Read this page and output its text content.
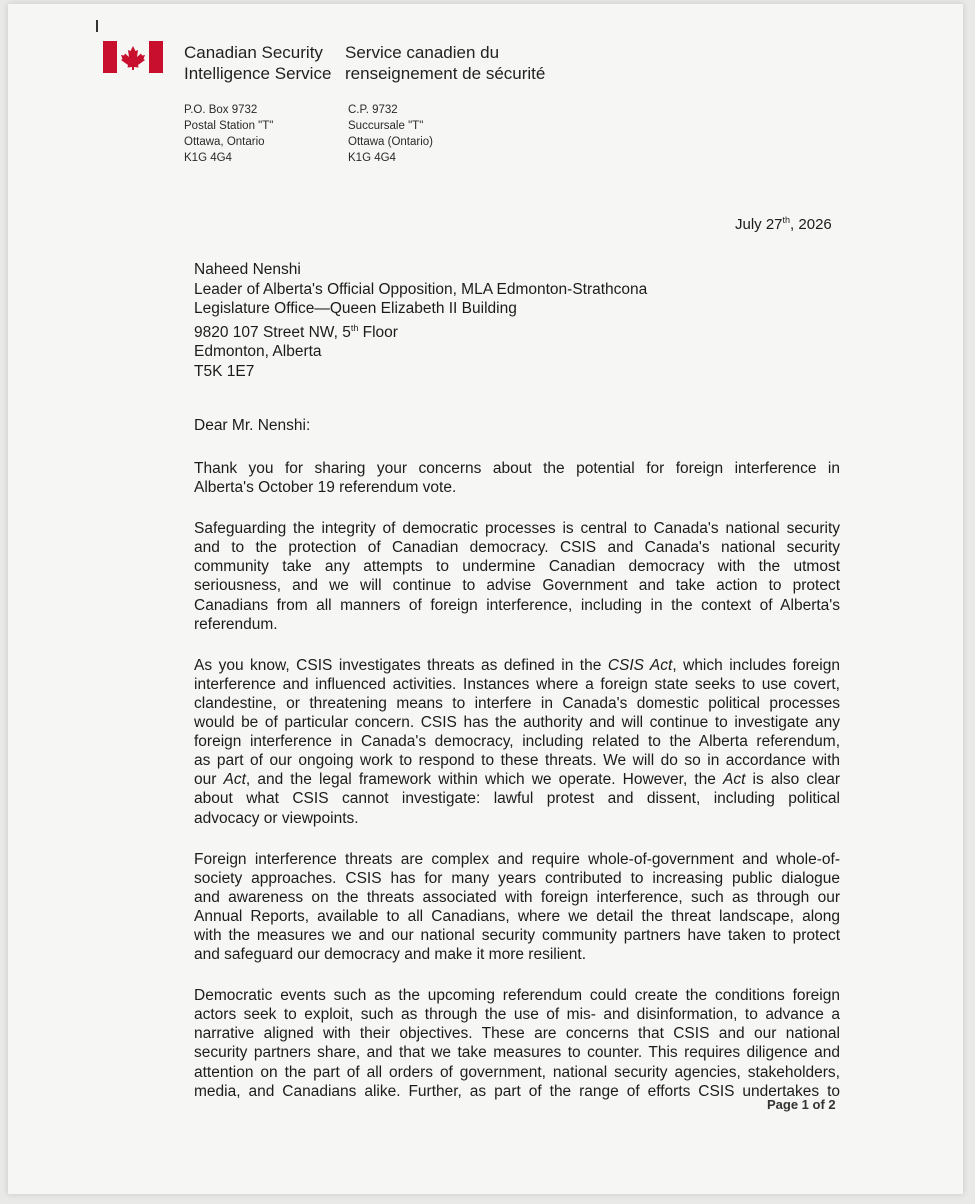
Canadian Security
Intelligence Service
Service canadien du
renseignement de sécurité
P.O. Box 9732
Postal Station "T"
Ottawa, Ontario
K1G 4G4
C.P. 9732
Succursale "T"
Ottawa (Ontario)
K1G 4G4
July 27th, 2026
Naheed Nenshi
Leader of Alberta's Official Opposition, MLA Edmonton-Strathcona
Legislature Office—Queen Elizabeth II Building
9820 107 Street NW, 5th Floor
Edmonton, Alberta
T5K 1E7
Dear Mr. Nenshi:
Thank you for sharing your concerns about the potential for foreign interference in
Alberta's October 19 referendum vote.
Safeguarding the integrity of democratic processes is central to Canada's national security
and to the protection of Canadian democracy. CSIS and Canada's national security
community take any attempts to undermine Canadian democracy with the utmost
seriousness, and we will continue to advise Government and take action to protect
Canadians from all manners of foreign interference, including in the context of Alberta's
referendum.
As you know, CSIS investigates threats as defined in the CSIS Act, which includes foreign
interference and influenced activities. Instances where a foreign state seeks to use covert,
clandestine, or threatening means to interfere in Canada's domestic political processes
would be of particular concern. CSIS has the authority and will continue to investigate any
foreign interference in Canada's democracy, including related to the Alberta referendum,
as part of our ongoing work to respond to these threats. We will do so in accordance with
our Act, and the legal framework within which we operate. However, the Act is also clear
about what CSIS cannot investigate: lawful protest and dissent, including political
advocacy or viewpoints.
Foreign interference threats are complex and require whole-of-government and whole-of-
society approaches. CSIS has for many years contributed to increasing public dialogue
and awareness on the threats associated with foreign interference, such as through our
Annual Reports, available to all Canadians, where we detail the threat landscape, along
with the measures we and our national security community partners have taken to protect
and safeguard our democracy and make it more resilient.
Democratic events such as the upcoming referendum could create the conditions foreign
actors seek to exploit, such as through the use of mis- and disinformation, to advance a
narrative aligned with their objectives. These are concerns that CSIS and our national
security partners share, and that we take measures to counter. This requires diligence and
attention on the part of all orders of government, national security agencies, stakeholders,
media, and Canadians alike. Further, as part of the range of efforts CSIS undertakes to
Page 1 of 2
